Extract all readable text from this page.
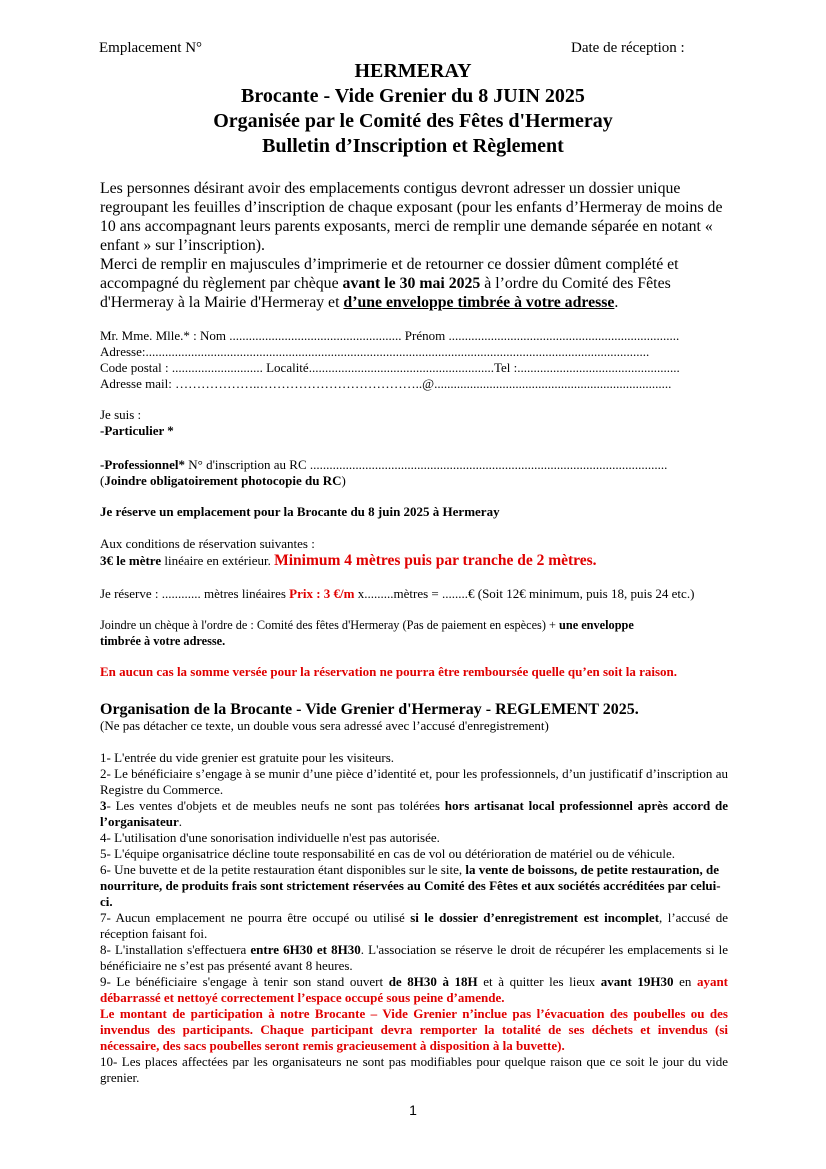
Emplacement N°	Date de réception :
HERMERAY
Brocante - Vide Grenier du 8 JUIN 2025
Organisée par le Comité des Fêtes d'Hermeray
Bulletin d’Inscription et Règlement
Les personnes désirant avoir des emplacements contigus devront adresser un dossier unique regroupant les feuilles d’inscription de chaque exposant (pour les enfants d’Hermeray de moins de 10 ans accompagnant leurs parents exposants, merci de remplir une demande séparée en notant « enfant » sur l’inscription).
Merci de remplir en majuscules d’imprimerie et de retourner ce dossier dûment complété et accompagné du règlement par chèque avant le 30 mai 2025 à l’ordre du Comité des Fêtes d'Hermeray à la Mairie d'Hermeray et d’une enveloppe timbrée à votre adresse.
Mr. Mme. Mlle.* : Nom ..................................................... Prénom .......................................................................
Adresse:...........................................................................................................................................................
Code postal : ............................ Localité.........................................................Tel :..................................................
Adresse mail: ………………..………………………………..@.........................................................................
Je suis :
-Particulier *
-Professionnel* N° d'inscription au RC ..............................................................................................................
(Joindre obligatoirement photocopie du RC)
Je réserve un emplacement pour la Brocante du 8 juin 2025 à Hermeray
Aux conditions de réservation suivantes :
3€ le mètre linéaire en extérieur. Minimum 4 mètres puis par tranche de 2 mètres.
Je réserve : ............ mètres linéaires Prix : 3 €/m x.........mètres = ........€ (Soit 12€ minimum, puis 18, puis 24 etc.)
Joindre un chèque à l'ordre de : Comité des fêtes d'Hermeray (Pas de paiement en espèces) + une enveloppe
timbrée à votre adresse.
En aucun cas la somme versée pour la réservation ne pourra être remboursée quelle qu’en soit la raison.
Organisation de la Brocante - Vide Grenier d'Hermeray - REGLEMENT 2025.
(Ne pas détacher ce texte, un double vous sera adressé avec l’accusé d'enregistrement)
1- L'entrée du vide grenier est gratuite pour les visiteurs.
2- Le bénéficiaire s’engage à se munir d’une pièce d’identité et, pour les professionnels, d’un justificatif d’inscription au Registre du Commerce.
3- Les ventes d'objets et de meubles neufs ne sont pas tolérées hors artisanat local professionnel après accord de l’organisateur.
4- L'utilisation d'une sonorisation individuelle n'est pas autorisée.
5- L'équipe organisatrice décline toute responsabilité en cas de vol ou détérioration de matériel ou de véhicule.
6- Une buvette et de la petite restauration étant disponibles sur le site, la vente de boissons, de petite restauration, de nourriture, de produits frais sont strictement réservées au Comité des Fêtes et aux sociétés accréditées par celui-ci.
7- Aucun emplacement ne pourra être occupé ou utilisé si le dossier d’enregistrement est incomplet, l’accusé de réception faisant foi.
8- L'installation s'effectuera entre 6H30 et 8H30. L'association se réserve le droit de récupérer les emplacements si le bénéficiaire ne s’est pas présenté avant 8 heures.
9- Le bénéficiaire s'engage à tenir son stand ouvert de 8H30 à 18H et à quitter les lieux avant 19H30 en ayant débarrassé et nettoyé correctement l’espace occupé sous peine d’amende.
Le montant de participation à notre Brocante – Vide Grenier n’inclue pas l’évacuation des poubelles ou des invendus des participants. Chaque participant devra remporter la totalité de ses déchets et invendus (si nécessaire, des sacs poubelles seront remis gracieusement à disposition à la buvette).
10- Les places affectées par les organisateurs ne sont pas modifiables pour quelque raison que ce soit le jour du vide grenier.
1
